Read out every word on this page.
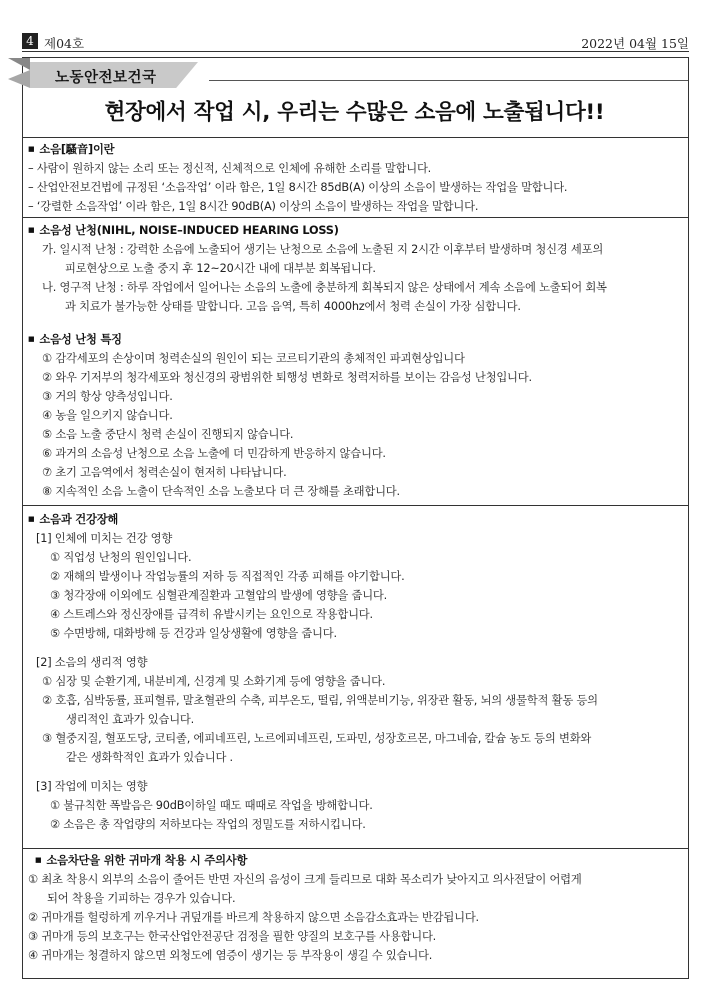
4 제04호	2022년 04월 15일
노동안전보건국
현장에서 작업 시, 우리는 수많은 소음에 노출됩니다!!

■ 소음[騷音]이란

– 사람이 원하지 않는 소리 또는 정신적, 신체적으로 인체에 유해한 소리를 말합니다.

– 산업안전보건법에 규정된 ‘소음작업’ 이라 함은, 1일 8시간 85dB(A) 이상의 소음이 발생하는 작업을 말합니다.

– ‘강렬한 소음작업’ 이라 함은, 1일 8시간 90dB(A) 이상의 소음이 발생하는 작업을 말합니다.

■ 소음성 난청(NIHL, NOISE–INDUCED HEARING LOSS)

가. 일시적 난청 : 강력한 소음에 노출되어 생기는 난청으로 소음에 노출된 지 2시간 이후부터 발생하며 청신경 세포의

피로현상으로 노출 중지 후 12~20시간 내에 대부분 회복됩니다.

나. 영구적 난청 : 하루 작업에서 일어나는 소음의 노출에 충분하게 회복되지 않은 상태에서 계속 소음에 노출되어 회복

과 치료가 불가능한 상태를 말합니다. 고음 음역, 특히 4000hz에서 청력 손실이 가장 심합니다.

■ 소음성 난청 특징

① 감각세포의 손상이며 청력손실의 원인이 되는 코르티기관의 총체적인 파괴현상입니다

② 와우 기저부의 청각세포와 청신경의 광범위한 퇴행성 변화로 청력저하를 보이는 감음성 난청입니다.

③ 거의 항상 양측성입니다.

④ 농을 일으키지 않습니다.

⑤ 소음 노출 중단시 청력 손실이 진행되지 않습니다.

⑥ 과거의 소음성 난청으로 소음 노출에 더 민감하게 반응하지 않습니다.

⑦ 초기 고음역에서 청력손실이 현저히 나타납니다.

⑧ 지속적인 소음 노출이 단속적인 소음 노출보다 더 큰 장해를 초래합니다.

■ 소음과 건강장해

[1] 인체에 미치는 건강 영향

① 직업성 난청의 원인입니다.

② 재해의 발생이나 작업능률의 저하 등 직접적인 각종 피해를 야기합니다.

③ 청각장애 이외에도 심혈관계질환과 고혈압의 발생에 영향을 줍니다.

④ 스트레스와 정신장애를 급격히 유발시키는 요인으로 작용합니다.

⑤ 수면방해, 대화방해 등 건강과 일상생활에 영향을 줍니다.

[2] 소음의 생리적 영향

① 심장 및 순환기계, 내분비계, 신경계 및 소화기계 등에 영향을 줍니다.

② 호흡, 심박동률, 표피혈류, 말초혈관의 수축, 피부온도, 떨림, 위액분비기능, 위장관 활동, 뇌의 생물학적 활동 등의

생리적인 효과가 있습니다.

③ 혈중지질, 혈포도당, 코티졸, 에피네프린, 노르에피네프린, 도파민, 성장호르몬, 마그네슘, 칼슘 농도 등의 변화와

같은 생화학적인 효과가 있습니다 .

[3] 작업에 미치는 영향

① 불규칙한 폭발음은 90dB이하일 때도 때때로 작업을 방해합니다.

② 소음은 총 작업량의 저하보다는 작업의 정밀도를 저하시킵니다.

■ 소음차단을 위한 귀마개 착용 시 주의사항

① 최초 착용시 외부의 소음이 줄어든 반면 자신의 음성이 크게 들리므로 대화 목소리가 낮아지고 의사전달이 어렵게

되어 착용을 기피하는 경우가 있습니다.

② 귀마개를 헐렁하게 끼우거나 귀덮개를 바르게 착용하지 않으면 소음감소효과는 반감됩니다.

③ 귀마개 등의 보호구는 한국산업안전공단 검정을 필한 양질의 보호구를 사용합니다.

④ 귀마개는 청결하지 않으면 외청도에 염증이 생기는 등 부작용이 생길 수 있습니다.
